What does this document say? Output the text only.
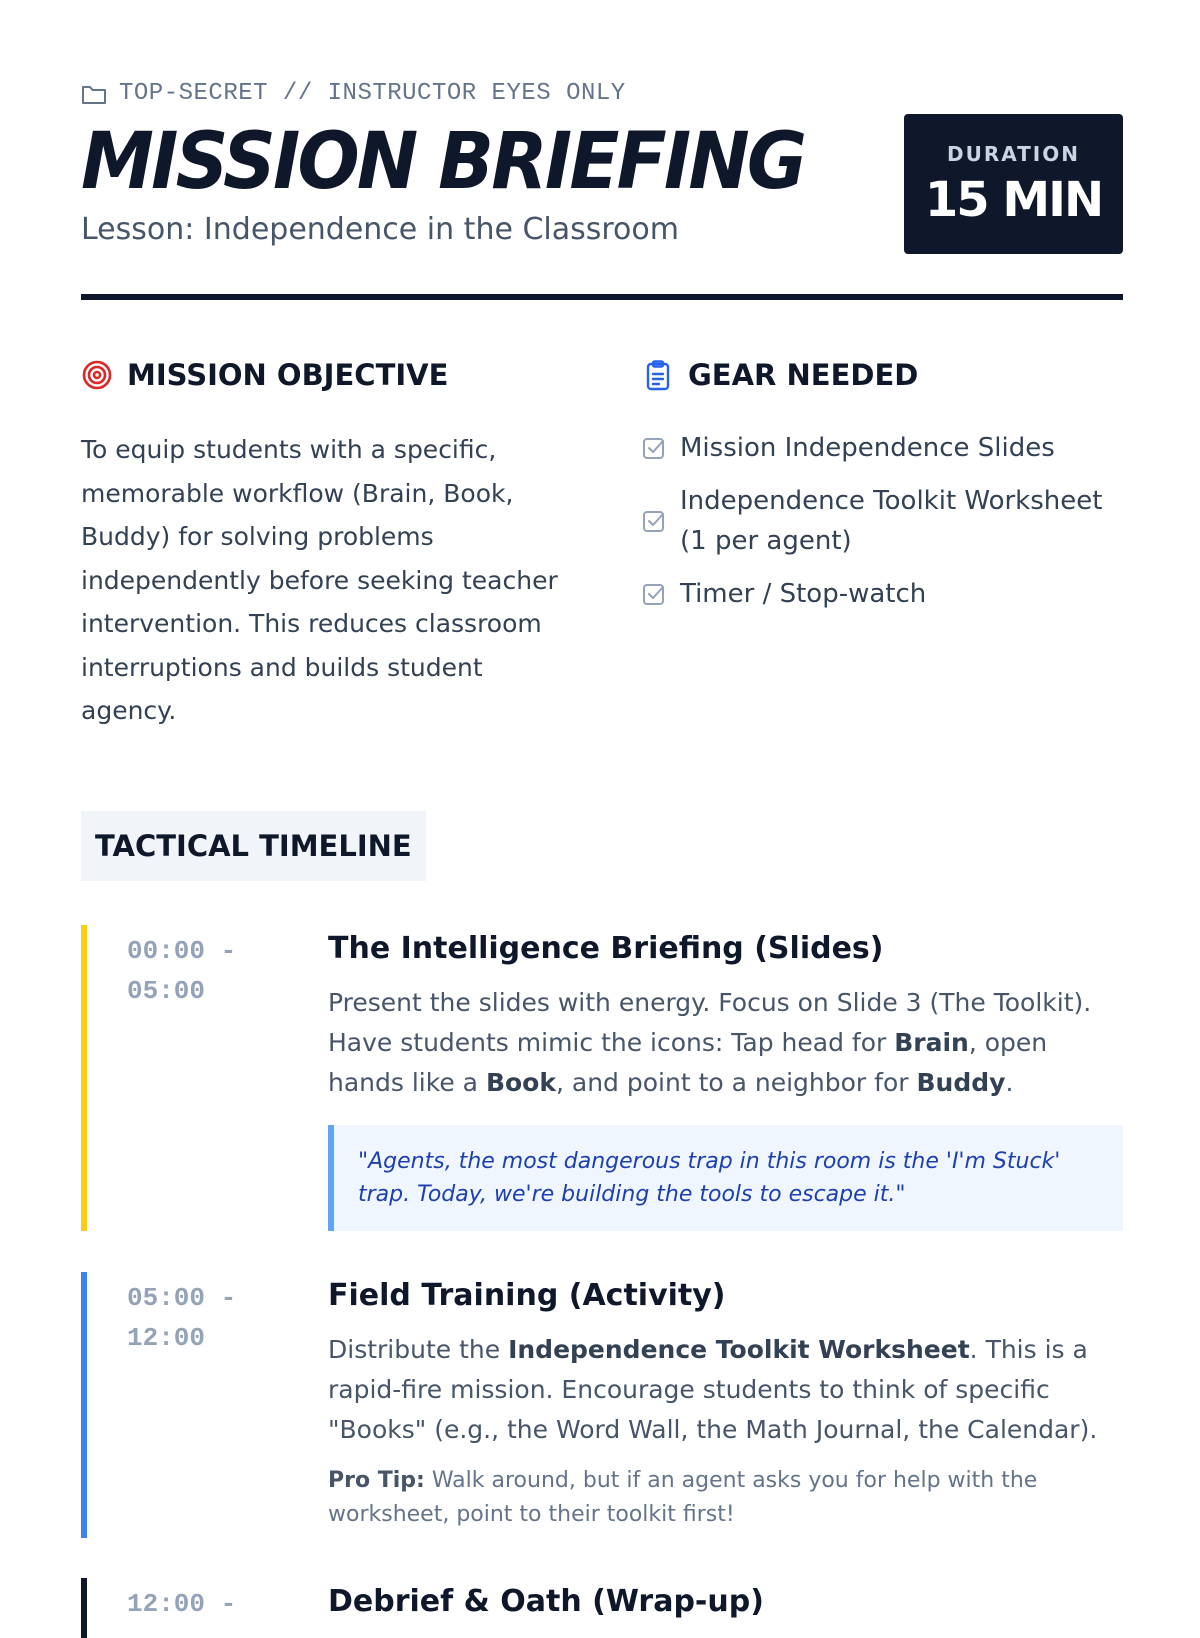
TOP-SECRET // INSTRUCTOR EYES ONLY
MISSION BRIEFING
Lesson: Independence in the Classroom
DURATION
15 MIN
MISSION OBJECTIVE

To equip students with a specific, memorable workflow (Brain, Book, Buddy) for solving problems independently before seeking teacher intervention. This reduces classroom interruptions and builds student agency.

GEAR NEEDED
Mission Independence Slides
Independence Toolkit Worksheet (1 per agent)
Timer / Stop-watch
TACTICAL TIMELINE
00:00 - 05:00
The Intelligence Briefing (Slides)

Present the slides with energy. Focus on Slide 3 (The Toolkit). Have students mimic the icons: Tap head for Brain, open hands like a Book, and point to a neighbor for Buddy.

"Agents, the most dangerous trap in this room is the 'I'm Stuck' trap. Today, we're building the tools to escape it."
05:00 - 12:00
Field Training (Activity)

Distribute the Independence Toolkit Worksheet. This is a rapid-fire mission. Encourage students to think of specific "Books" (e.g., the Word Wall, the Math Journal, the Calendar).

Pro Tip: Walk around, but if an agent asks you for help with the worksheet, point to their toolkit first!

12:00 -	Debrief & Oath (Wrap-up)
